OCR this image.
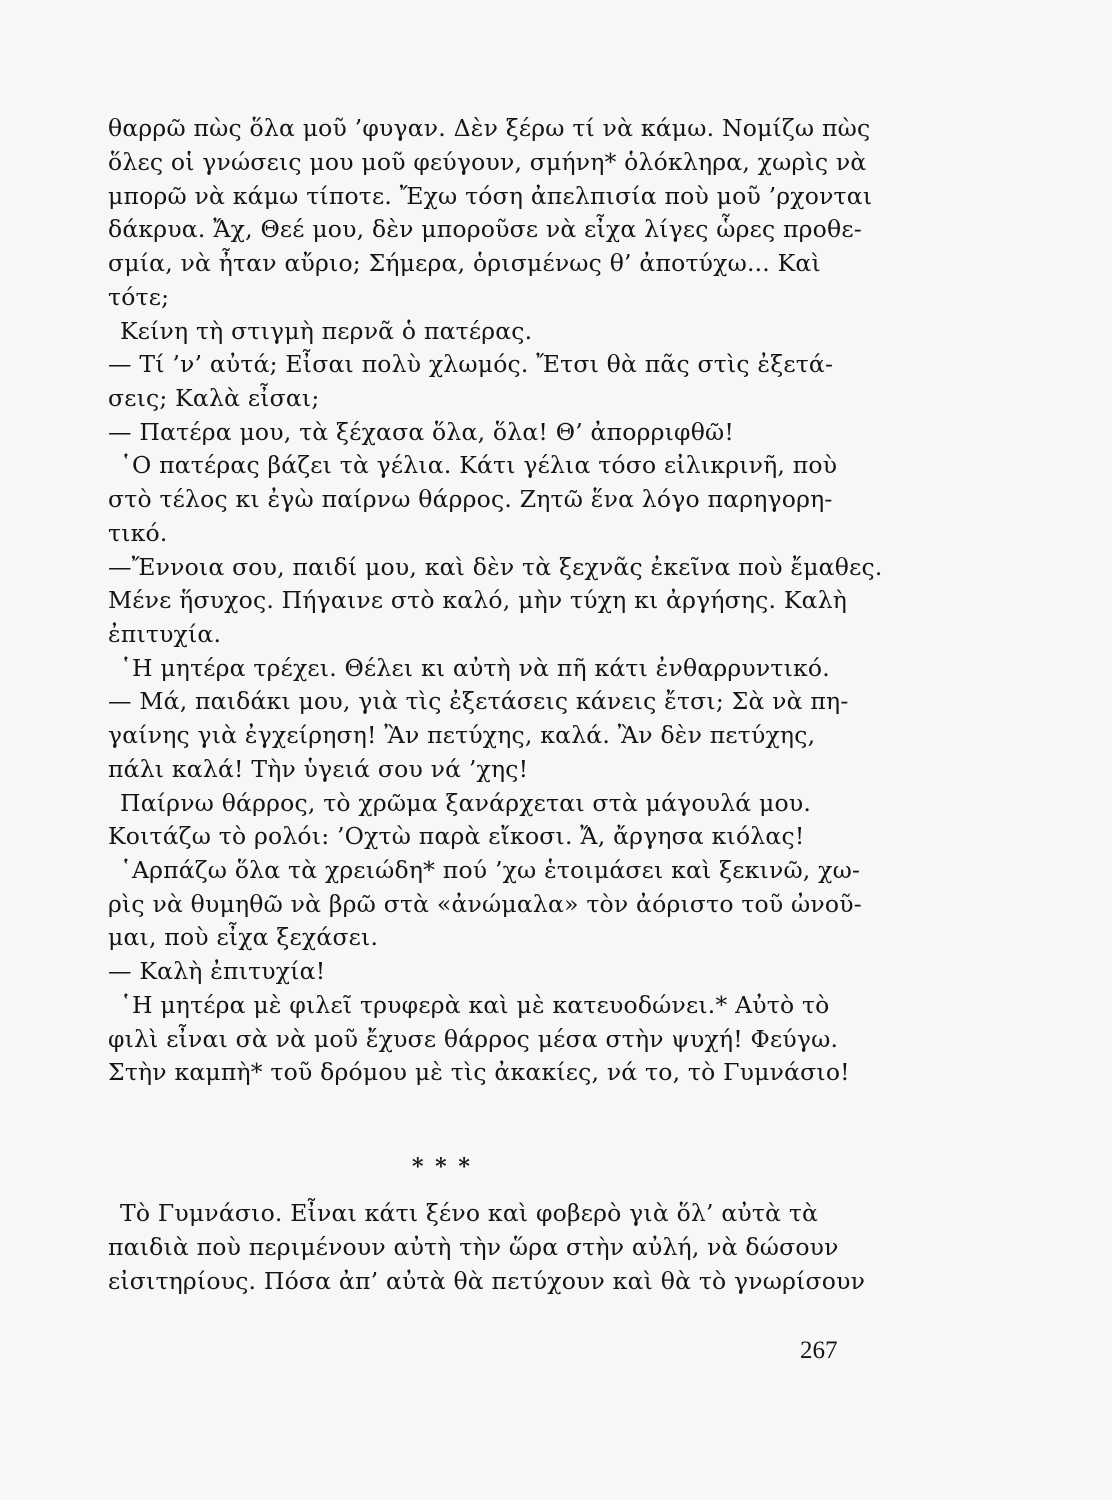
θαρρῶ πὼς ὅλα μοῦ ’φυγαν. Δὲν ξέρω τί νὰ κάμω. Νομίζω πὼς
ὅλες οἱ γνώσεις μου μοῦ φεύγουν, σμήνη* ὁλόκληρα, χωρὶς νὰ
μπορῶ νὰ κάμω τίποτε. Ἔχω τόση ἀπελπισία ποὺ μοῦ ’ρχονται
δάκρυα. Ἄχ, Θεέ μου, δὲν μποροῦσε νὰ εἶχα λίγες ὧρες προθε-
σμία, νὰ ἦταν αὔριο; Σήμερα, ὁρισμένως θ’ ἀποτύχω... Καὶ
τότε;
Κείνη τὴ στιγμὴ περνᾶ ὁ πατέρας.
— Τί ’ν’ αὐτά; Εἶσαι πολὺ χλωμός. Ἔτσι θὰ πᾶς στὶς ἐξετά-
σεις; Καλὰ εἶσαι;
— Πατέρα μου, τὰ ξέχασα ὅλα, ὅλα! Θ’ ἀπορριφθῶ!
῾Ο πατέρας βάζει τὰ γέλια. Κάτι γέλια τόσο εἰλικρινῆ, ποὺ
στὸ τέλος κι ἐγὼ παίρνω θάρρος. Ζητῶ ἕνα λόγο παρηγορη-
τικό.
—Ἔννοια σου, παιδί μου, καὶ δὲν τὰ ξεχνᾶς ἐκεῖνα ποὺ ἔμαθες.
Μένε ἥσυχος. Πήγαινε στὸ καλό, μὴν τύχη κι ἀργήσης. Καλὴ
ἐπιτυχία.
῾Η μητέρα τρέχει. Θέλει κι αὐτὴ νὰ πῆ κάτι ἐνθαρρυντικό.
— Μά, παιδάκι μου, γιὰ τὶς ἐξετάσεις κάνεις ἔτσι; Σὰ νὰ πη-
γαίνης γιὰ ἐγχείρηση! Ἂν πετύχης, καλά. Ἂν δὲν πετύχης,
πάλι καλά! Τὴν ὑγειά σου νά ’χης!
Παίρνω θάρρος, τὸ χρῶμα ξανάρχεται στὰ μάγουλά μου.
Κοιτάζω τὸ ρολόι: ’Οχτὼ παρὰ εἴκοσι. Ἄ, ἄργησα κιόλας!
῾Αρπάζω ὅλα τὰ χρειώδη* πού ’χω ἑτοιμάσει καὶ ξεκινῶ, χω-
ρὶς νὰ θυμηθῶ νὰ βρῶ στὰ «ἀνώμαλα» τὸν ἀόριστο τοῦ ὠνοῦ-
μαι, ποὺ εἶχα ξεχάσει.
— Καλὴ ἐπιτυχία!
῾Η μητέρα μὲ φιλεῖ τρυφερὰ καὶ μὲ κατευοδώνει.* Αὐτὸ τὸ
φιλὶ εἶναι σὰ νὰ μοῦ ἔχυσε θάρρος μέσα στὴν ψυχή! Φεύγω.
Στὴν καμπὴ* τοῦ δρόμου μὲ τὶς ἀκακίες, νά το, τὸ Γυμνάσιο!
Τὸ Γυμνάσιο. Εἶναι κάτι ξένο καὶ φοβερὸ γιὰ ὅλ’ αὐτὰ τὰ
παιδιὰ ποὺ περιμένουν αὐτὴ τὴν ὥρα στὴν αὐλή, νὰ δώσουν
εἰσιτηρίους. Πόσα ἀπ’ αὐτὰ θὰ πετύχουν καὶ θὰ τὸ γνωρίσουν
* * *
267
